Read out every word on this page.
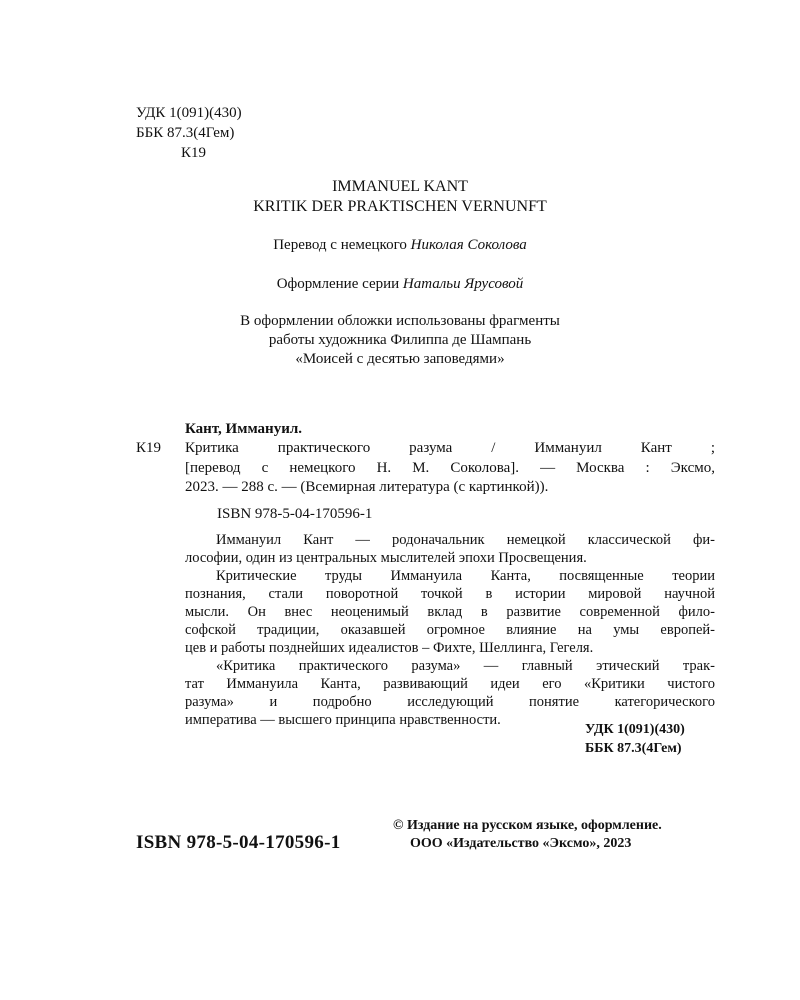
УДК 1(091)(430)
ББК 87.3(4Гем)
К19
IMMANUEL KANT
KRITIK DER PRAKTISCHEN VERNUNFT
Перевод с немецкого Николая Соколова
Оформление серии Натальи Ярусовой
В оформлении обложки использованы фрагменты
работы художника Филиппа де Шампань
«Моисей с десятью заповедями»
Кант, Иммануил.
К19 Критика практического разума / Иммануил Кант ;
[перевод с немецкого Н. М. Соколова]. — Москва : Эксмо,
2023. — 288 с. — (Всемирная литература (с картинкой)).
ISBN 978-5-04-170596-1
Иммануил Кант — родоначальник немецкой классической фи-
лософии, один из центральных мыслителей эпохи Просвещения.
Критические труды Иммануила Канта, посвященные теории
познания, стали поворотной точкой в истории мировой научной
мысли. Он внес неоценимый вклад в развитие современной фило-
софской традиции, оказавшей огромное влияние на умы европей-
цев и работы позднейших идеалистов – Фихте, Шеллинга, Гегеля.
«Критика практического разума» — главный этический трак-
тат Иммануила Канта, развивающий идеи его «Критики чистого
разума» и подробно исследующий понятие категорического
императива — высшего принципа нравственности.
УДК 1(091)(430)
ББК 87.3(4Гем)
ISBN 978-5-04-170596-1
© Издание на русском языке, оформление.
ООО «Издательство «Эксмо», 2023
